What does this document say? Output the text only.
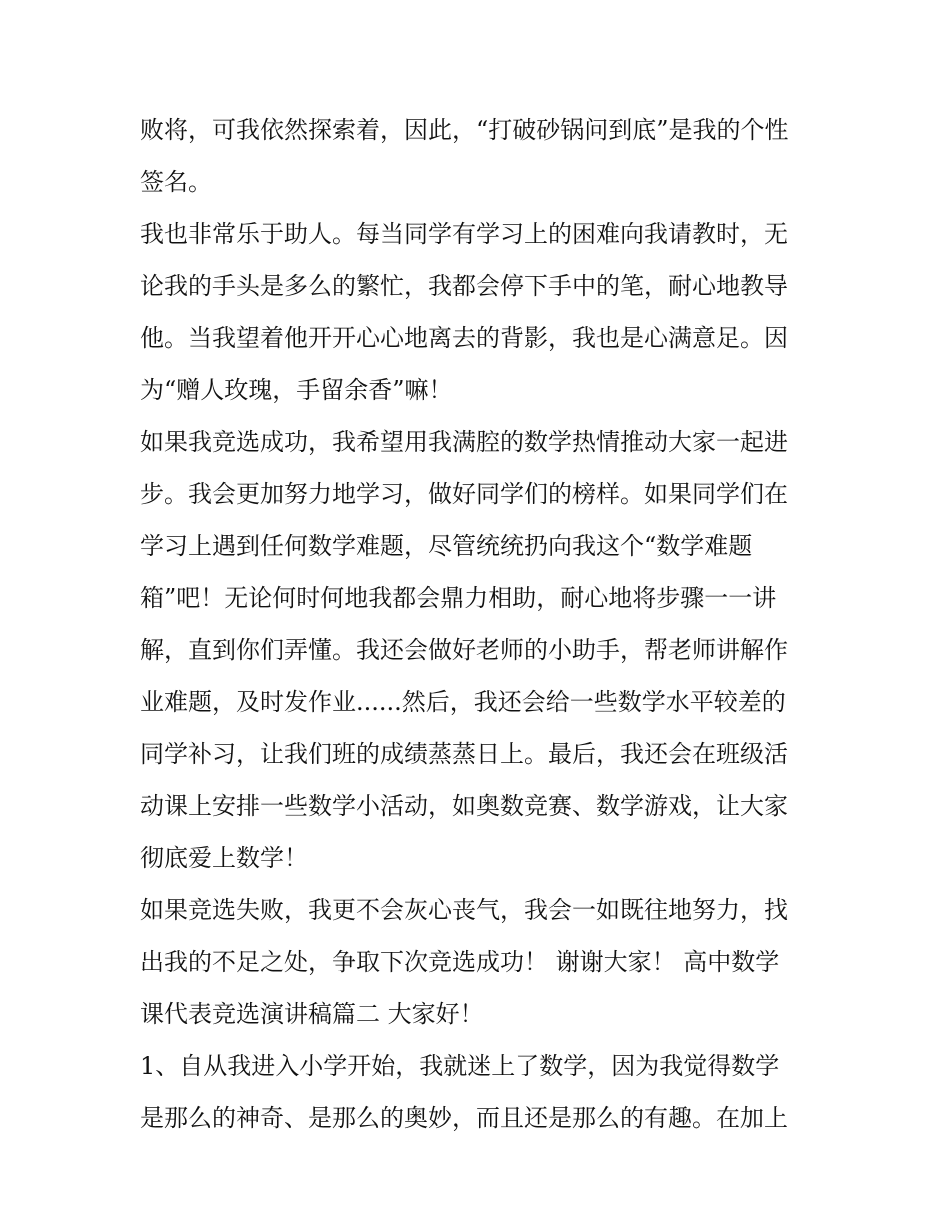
败将，可我依然探索着，因此，“打破砂锅问到底”是我的个性
签名。
我也非常乐于助人。每当同学有学习上的困难向我请教时，无
论我的手头是多么的繁忙，我都会停下手中的笔，耐心地教导
他。当我望着他开开心心地离去的背影，我也是心满意足。因
为“赠人玫瑰，手留余香”嘛！
如果我竞选成功，我希望用我满腔的数学热情推动大家一起进
步。我会更加努力地学习，做好同学们的榜样。如果同学们在
学习上遇到任何数学难题，尽管统统扔向我这个“数学难题
箱”吧！无论何时何地我都会鼎力相助，耐心地将步骤一一讲
解，直到你们弄懂。我还会做好老师的小助手，帮老师讲解作
业难题，及时发作业......然后，我还会给一些数学水平较差的
同学补习，让我们班的成绩蒸蒸日上。最后，我还会在班级活
动课上安排一些数学小活动，如奥数竞赛、数学游戏，让大家
彻底爱上数学！
如果竞选失败，我更不会灰心丧气，我会一如既往地努力，找
出我的不足之处，争取下次竞选成功！ 谢谢大家！ 高中数学
课代表竞选演讲稿篇二 大家好！
1、自从我进入小学开始，我就迷上了数学，因为我觉得数学
是那么的神奇、是那么的奥妙，而且还是那么的有趣。在加上
